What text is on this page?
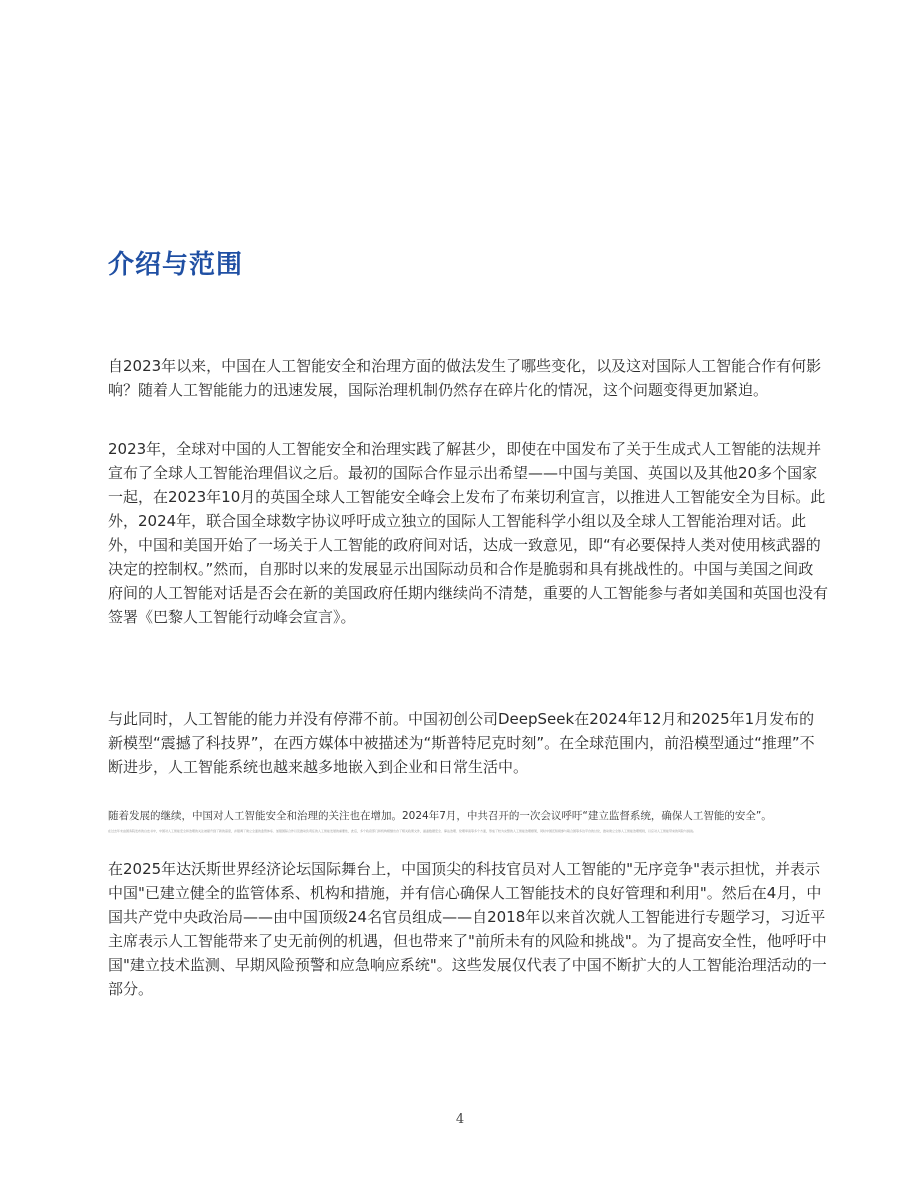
介绍与范围

自2023年以来，中国在人工智能安全和治理方面的做法发生了哪些变化，以及这对国际人工智能合作有何影响？随着人工智能能力的迅速发展，国际治理机制仍然存在碎片化的情况，这个问题变得更加紧迫。

2023年，全球对中国的人工智能安全和治理实践了解甚少，即使在中国发布了关于生成式人工智能的法规并宣布了全球人工智能治理倡议之后。最初的国际合作显示出希望——中国与美国、英国以及其他20多个国家一起，在2023年10月的英国全球人工智能安全峰会上发布了布莱切利宣言，以推进人工智能安全为目标。此外，2024年，联合国全球数字协议呼吁成立独立的国际人工智能科学小组以及全球人工智能治理对话。此外，中国和美国开始了一场关于人工智能的政府间对话，达成一致意见，即“有必要保持人类对使用核武器的决定的控制权。”然而，自那时以来的发展显示出国际动员和合作是脆弱和具有挑战性的。中国与美国之间政府间的人工智能对话是否会在新的美国政府任期内继续尚不清楚，重要的人工智能参与者如美国和英国也没有签署《巴黎人工智能行动峰会宣言》。

与此同时，人工智能的能力并没有停滞不前。中国初创公司DeepSeek在2024年12月和2025年1月发布的新模型“震撼了科技界”，在西方媒体中被描述为“斯普特尼克时刻”。在全球范围内，前沿模型通过“推理”不断进步，人工智能系统也越来越多地嵌入到企业和日常生活中。

随着发展的继续，中国对人工智能安全和治理的关注也在增加。2024年7月，中共召开的一次会议呼吁“建立监督系统，确保人工智能的安全”。

在过去年末由国务院发布的白皮书中，中国对人工智能安全和治理的关注被提升到了新的高度，并强调了建立全面的监管体系、加强国际合作以及推动负责任的人工智能发展的重要性，此后，多个政府部门和机构相继出台了相关政策文件，涵盖数据安全、算法治理、伦理审查等多个方面，形成了较为完整的人工智能治理框架，同时中国还积极参与联合国等多边平台的讨论，推动建立全球人工智能治理规则，以应对人工智能带来的风险与挑战。

在2025年达沃斯世界经济论坛国际舞台上，中国顶尖的科技官员对人工智能的"无序竞争"表示担忧，并表示中国"已建立健全的监管体系、机构和措施，并有信心确保人工智能技术的良好管理和利用"。然后在4月，中国共产党中央政治局——由中国顶级24名官员组成——自2018年以来首次就人工智能进行专题学习，习近平主席表示人工智能带来了史无前例的机遇，但也带来了"前所未有的风险和挑战"。为了提高安全性，他呼吁中国"建立技术监测、早期风险预警和应急响应系统"。这些发展仅代表了中国不断扩大的人工智能治理活动的一部分。

4
